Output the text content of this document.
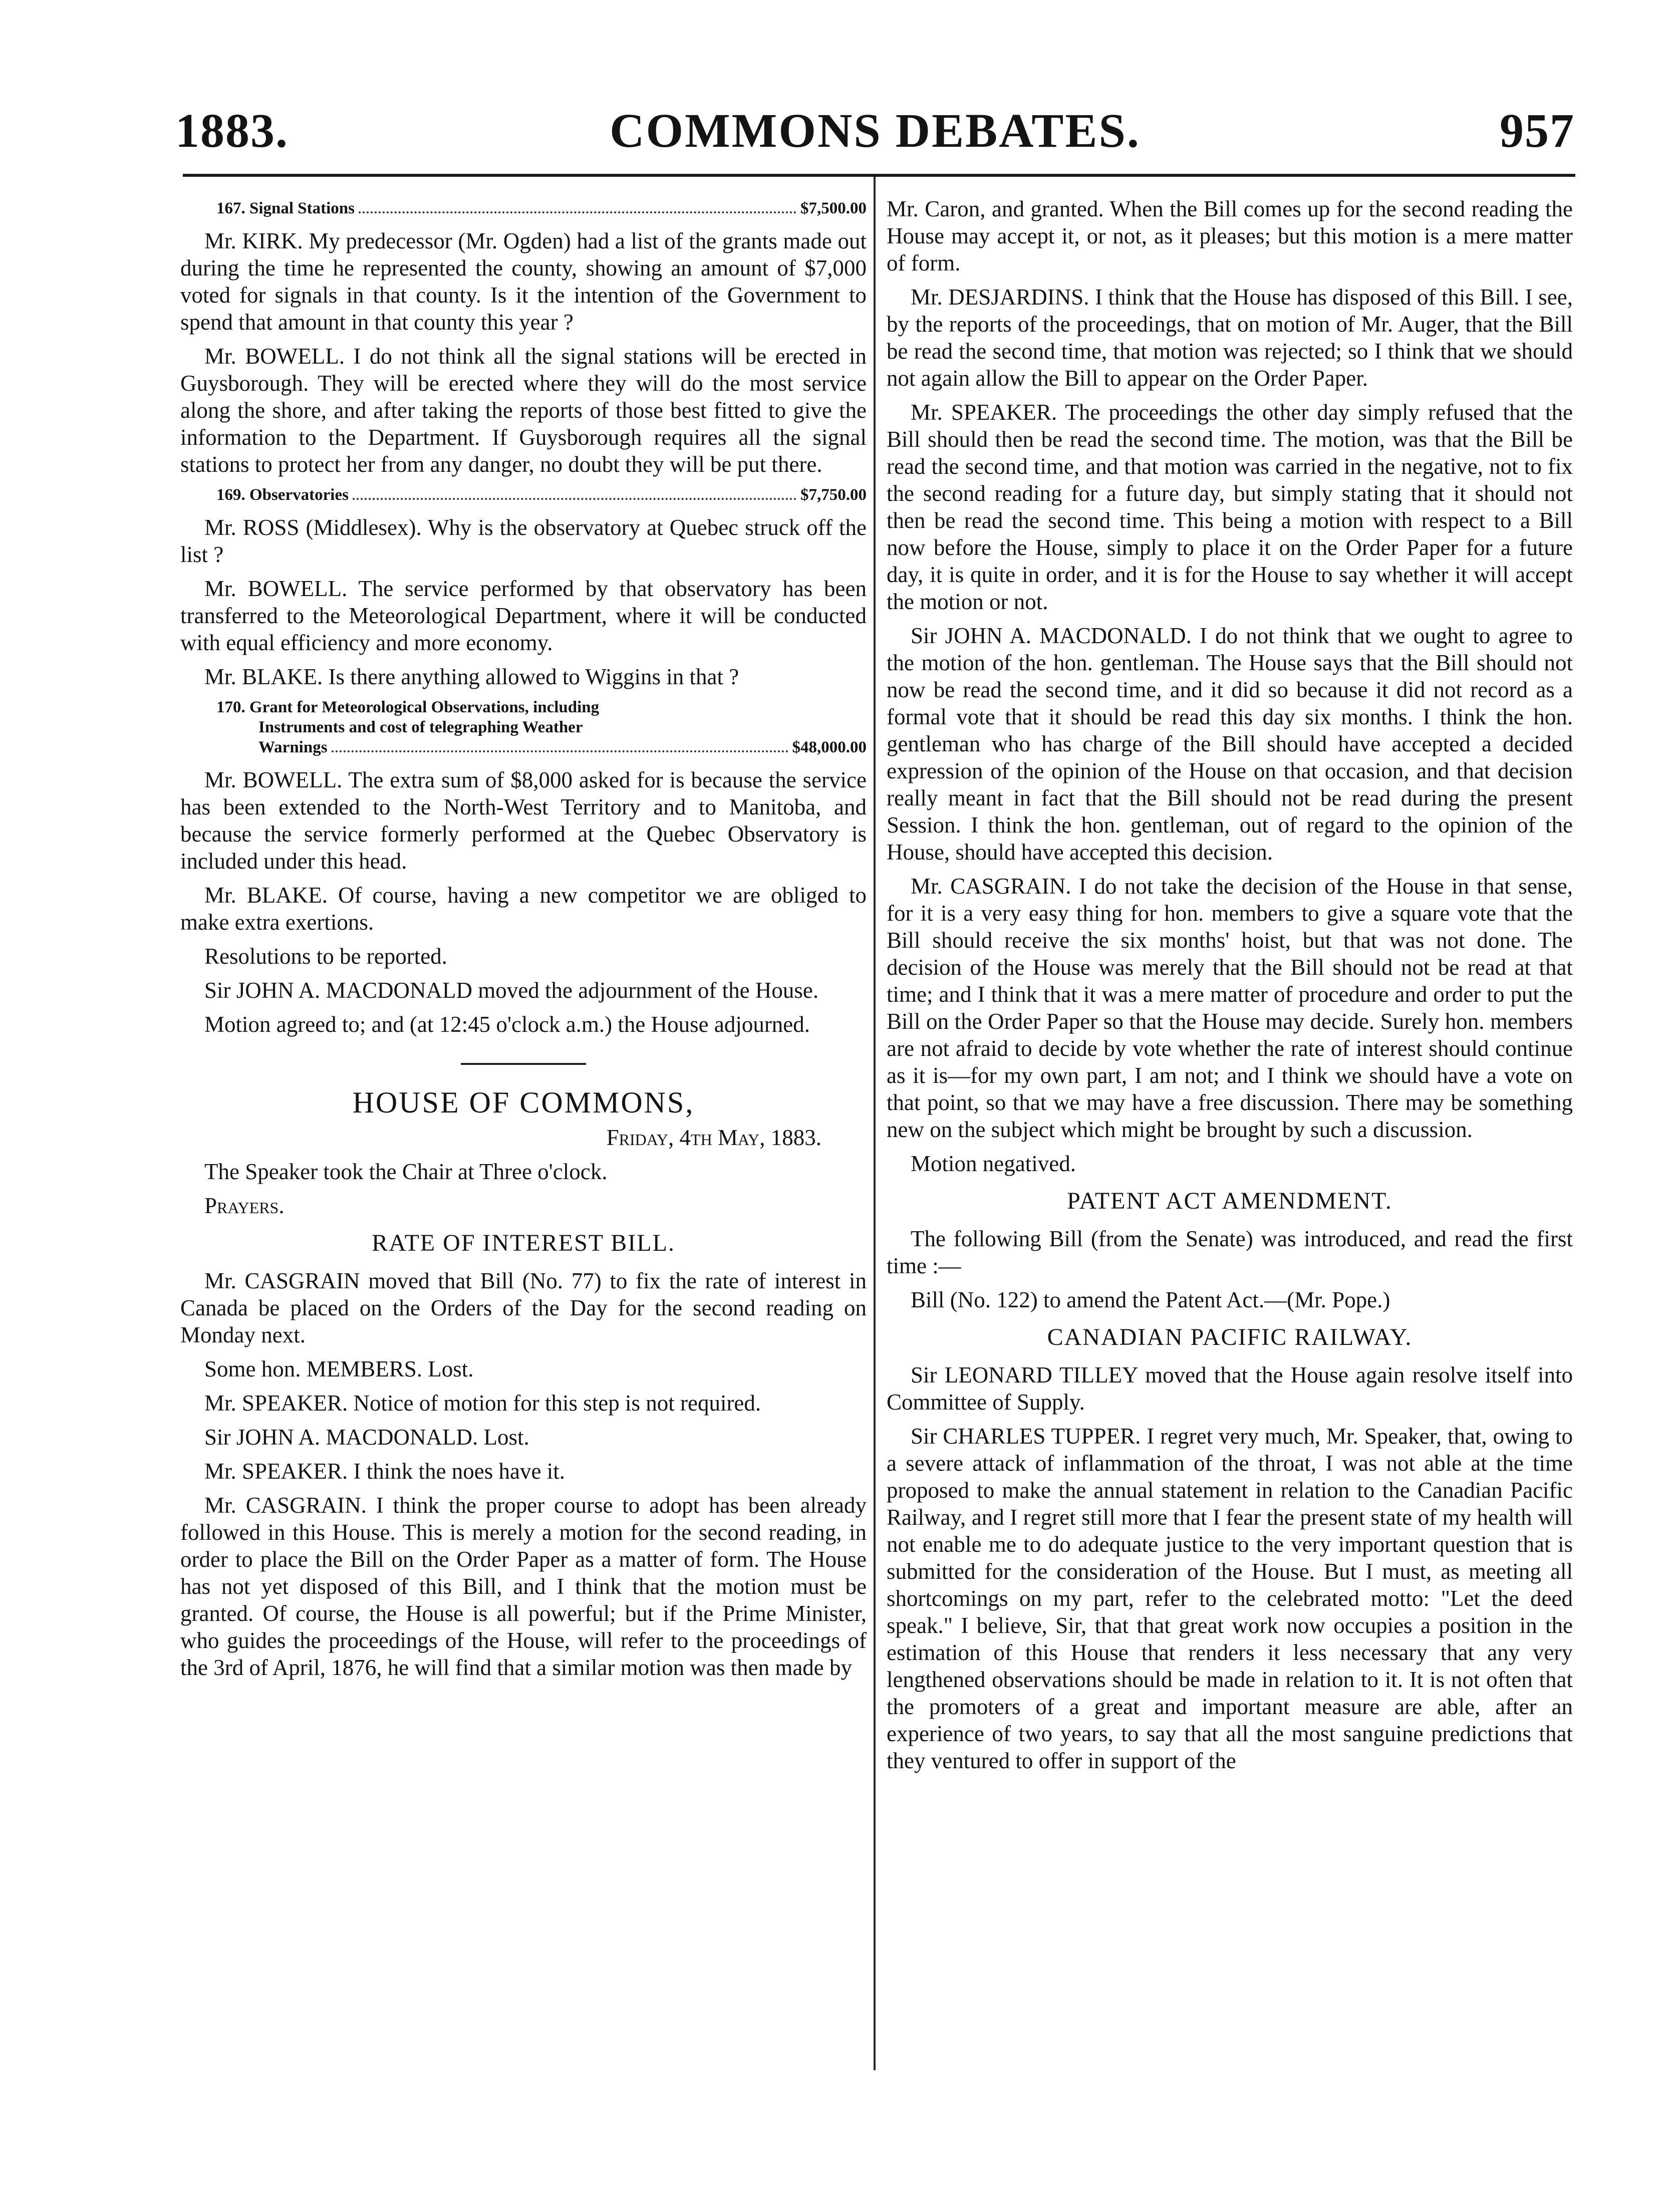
1883.	COMMONS DEBATES.	957
167. Signal Stations	$7,500.00

Mr. KIRK. My predecessor (Mr. Ogden) had a list of the grants made out during the time he represented the county, showing an amount of $7,000 voted for signals in that county. Is it the intention of the Government to spend that amount in that county this year ?

Mr. BOWELL. I do not think all the signal stations will be erected in Guysborough. They will be erected where they will do the most service along the shore, and after taking the reports of those best fitted to give the information to the Department. If Guysborough requires all the signal stations to protect her from any danger, no doubt they will be put there.

169. Observatories	$7,750.00

Mr. ROSS (Middlesex). Why is the observatory at Quebec struck off the list ?

Mr. BOWELL. The service performed by that observatory has been transferred to the Meteorological Department, where it will be conducted with equal efficiency and more economy.

Mr. BLAKE. Is there anything allowed to Wiggins in that ?

170. Grant for Meteorological Observations, including
Instruments and cost of telegraphing Weather
Warnings	$48,000.00

Mr. BOWELL. The extra sum of $8,000 asked for is because the service has been extended to the North-West Territory and to Manitoba, and because the service formerly performed at the Quebec Observatory is included under this head.

Mr. BLAKE. Of course, having a new competitor we are obliged to make extra exertions.

Resolutions to be reported.

Sir JOHN A. MACDONALD moved the adjournment of the House.

Motion agreed to; and (at 12:45 o'clock a.m.) the House adjourned.

HOUSE OF COMMONS,
Friday, 4th May, 1883.

The Speaker took the Chair at Three o'clock.

Prayers.

RATE OF INTEREST BILL.

Mr. CASGRAIN moved that Bill (No. 77) to fix the rate of interest in Canada be placed on the Orders of the Day for the second reading on Monday next.

Some hon. MEMBERS. Lost.

Mr. SPEAKER. Notice of motion for this step is not required.

Sir JOHN A. MACDONALD. Lost.

Mr. SPEAKER. I think the noes have it.

Mr. CASGRAIN. I think the proper course to adopt has been already followed in this House. This is merely a motion for the second reading, in order to place the Bill on the Order Paper as a matter of form. The House has not yet disposed of this Bill, and I think that the motion must be granted. Of course, the House is all powerful; but if the Prime Minister, who guides the proceedings of the House, will refer to the proceedings of the 3rd of April, 1876, he will find that a similar motion was then made by

Mr. Caron, and granted. When the Bill comes up for the second reading the House may accept it, or not, as it pleases; but this motion is a mere matter of form.

Mr. DESJARDINS. I think that the House has disposed of this Bill. I see, by the reports of the proceedings, that on motion of Mr. Auger, that the Bill be read the second time, that motion was rejected; so I think that we should not again allow the Bill to appear on the Order Paper.

Mr. SPEAKER. The proceedings the other day simply refused that the Bill should then be read the second time. The motion, was that the Bill be read the second time, and that motion was carried in the negative, not to fix the second reading for a future day, but simply stating that it should not then be read the second time. This being a motion with respect to a Bill now before the House, simply to place it on the Order Paper for a future day, it is quite in order, and it is for the House to say whether it will accept the motion or not.

Sir JOHN A. MACDONALD. I do not think that we ought to agree to the motion of the hon. gentleman. The House says that the Bill should not now be read the second time, and it did so because it did not record as a formal vote that it should be read this day six months. I think the hon. gentleman who has charge of the Bill should have accepted a decided expression of the opinion of the House on that occasion, and that decision really meant in fact that the Bill should not be read during the present Session. I think the hon. gentleman, out of regard to the opinion of the House, should have accepted this decision.

Mr. CASGRAIN. I do not take the decision of the House in that sense, for it is a very easy thing for hon. members to give a square vote that the Bill should receive the six months' hoist, but that was not done. The decision of the House was merely that the Bill should not be read at that time; and I think that it was a mere matter of procedure and order to put the Bill on the Order Paper so that the House may decide. Surely hon. members are not afraid to decide by vote whether the rate of interest should continue as it is—for my own part, I am not; and I think we should have a vote on that point, so that we may have a free discussion. There may be something new on the subject which might be brought by such a discussion.

Motion negatived.

PATENT ACT AMENDMENT.

The following Bill (from the Senate) was introduced, and read the first time :—

Bill (No. 122) to amend the Patent Act.—(Mr. Pope.)

CANADIAN PACIFIC RAILWAY.

Sir LEONARD TILLEY moved that the House again resolve itself into Committee of Supply.

Sir CHARLES TUPPER. I regret very much, Mr. Speaker, that, owing to a severe attack of inflammation of the throat, I was not able at the time proposed to make the annual statement in relation to the Canadian Pacific Railway, and I regret still more that I fear the present state of my health will not enable me to do adequate justice to the very important question that is submitted for the consideration of the House. But I must, as meeting all shortcomings on my part, refer to the celebrated motto: "Let the deed speak." I believe, Sir, that that great work now occupies a position in the estimation of this House that renders it less necessary that any very lengthened observations should be made in relation to it. It is not often that the promoters of a great and important measure are able, after an experience of two years, to say that all the most sanguine predictions that they ventured to offer in support of the
